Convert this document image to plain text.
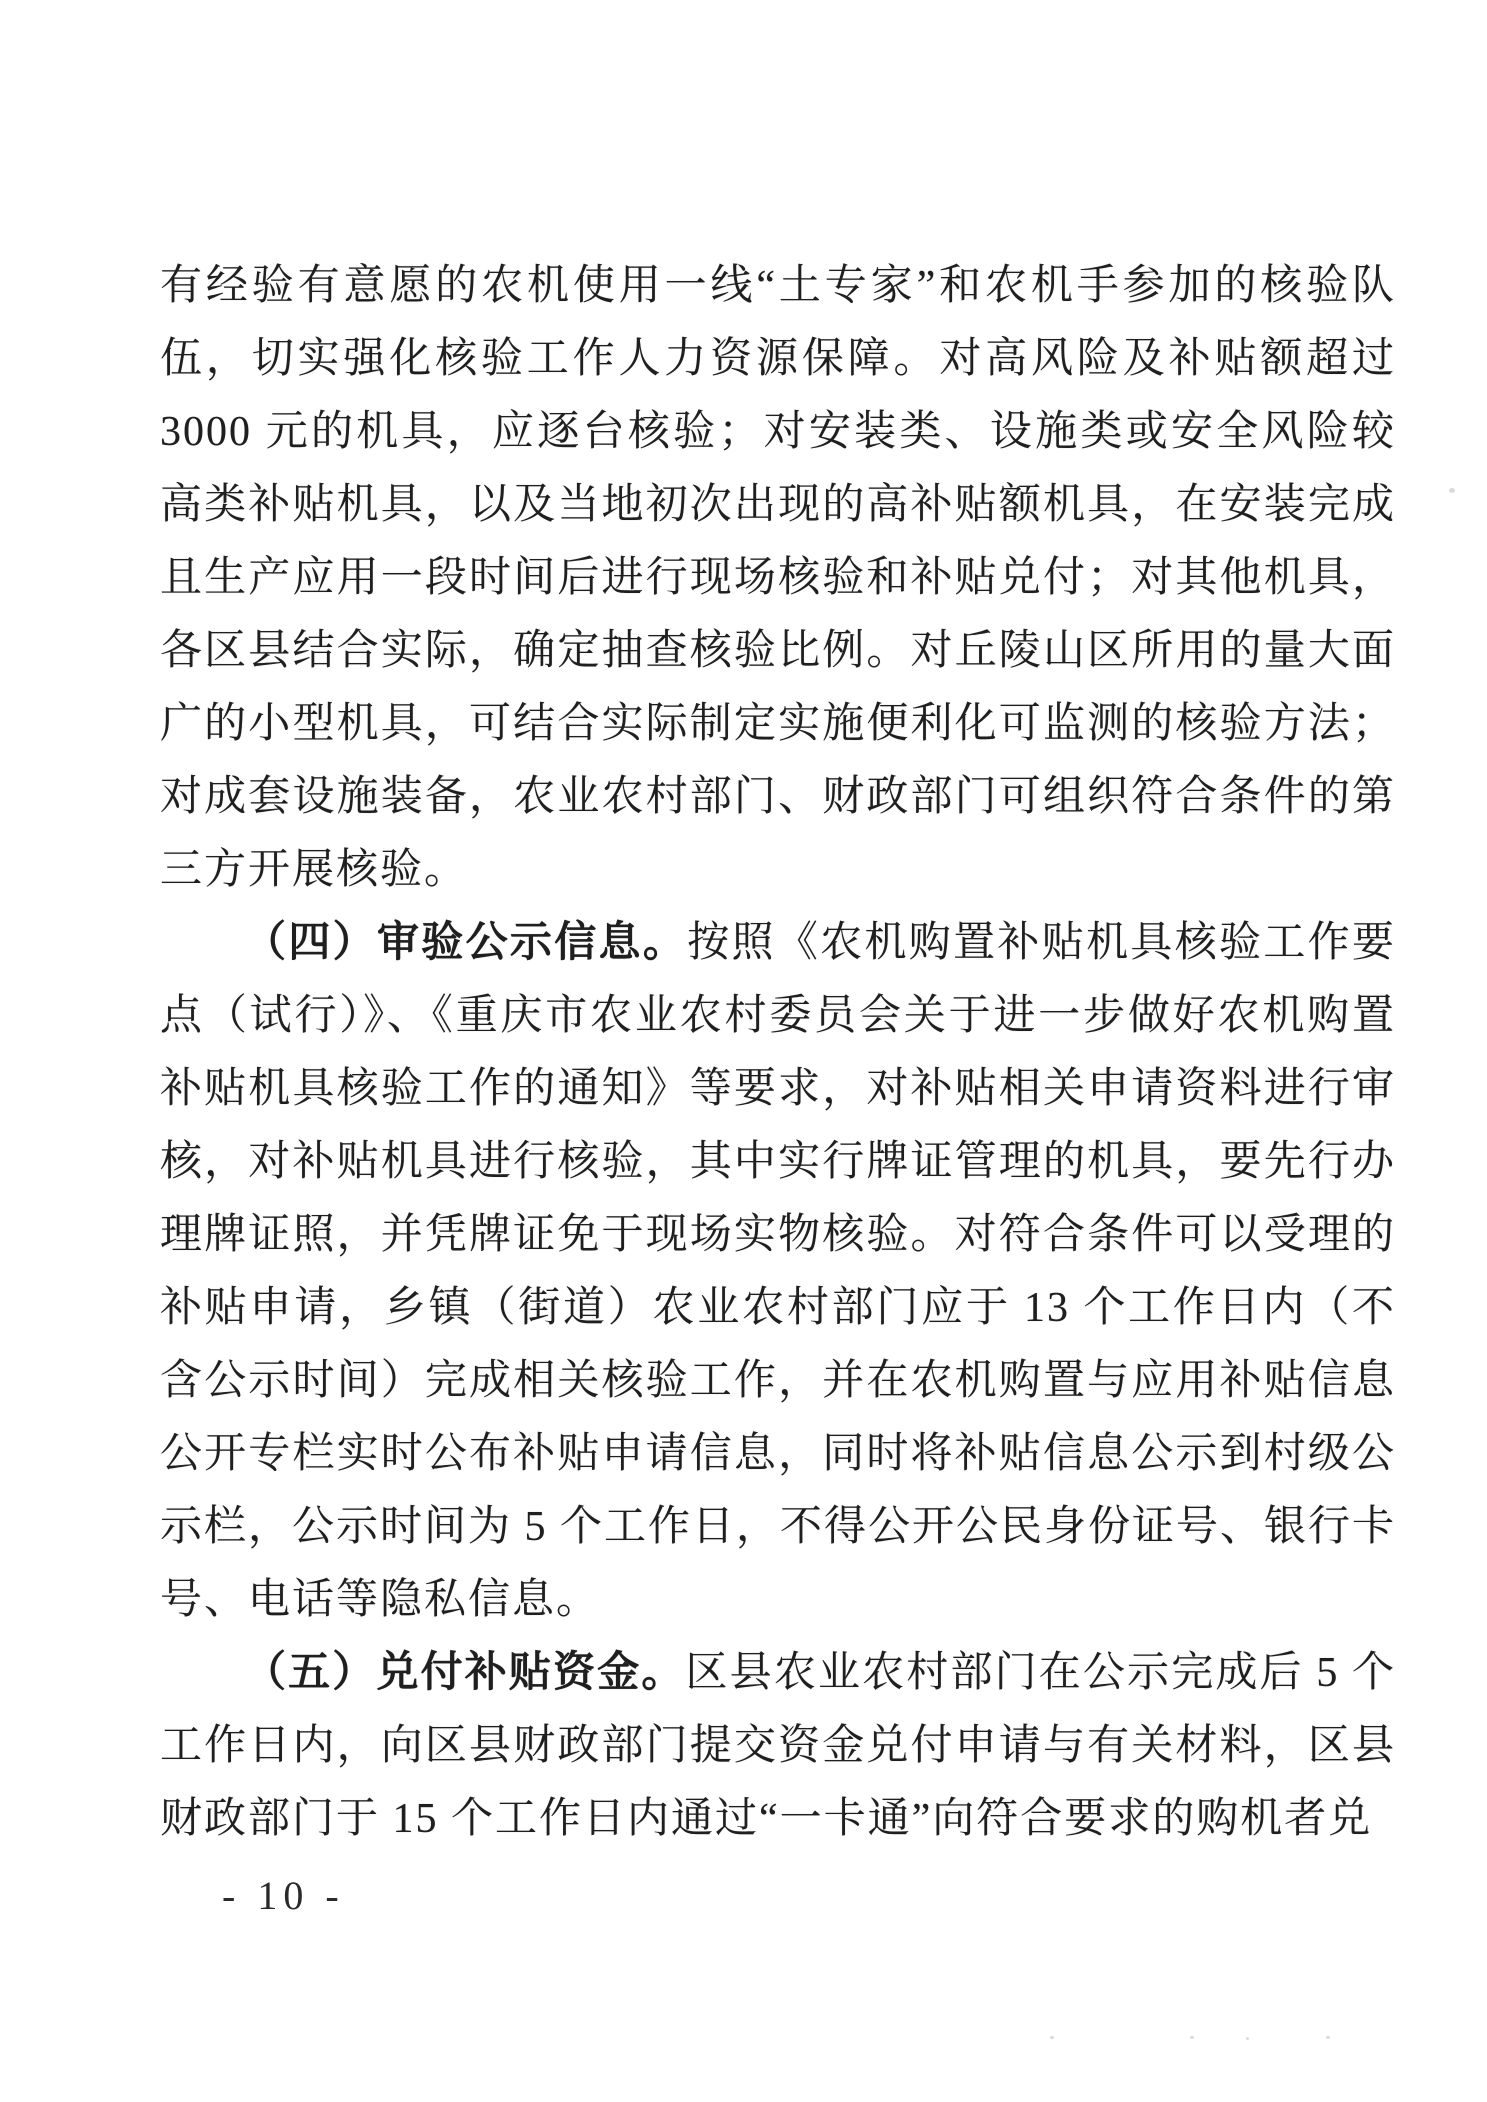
有经验有意愿的农机使用一线“土专家”和农机手参加的核验队伍，切实强化核验工作人力资源保障。对高风险及补贴额超过 3000 元的机具，应逐台核验；对安装类、设施类或安全风险较高类补贴机具，以及当地初次出现的高补贴额机具，在安装完成且生产应用一段时间后进行现场核验和补贴兑付；对其他机具，各区县结合实际，确定抽查核验比例。对丘陵山区所用的量大面广的小型机具，可结合实际制定实施便利化可监测的核验方法；对成套设施装备，农业农村部门、财政部门可组织符合条件的第三方开展核验。

（四）审验公示信息。按照《农机购置补贴机具核验工作要点（试行）》、《重庆市农业农村委员会关于进一步做好农机购置补贴机具核验工作的通知》等要求，对补贴相关申请资料进行审核，对补贴机具进行核验，其中实行牌证管理的机具，要先行办理牌证照，并凭牌证免于现场实物核验。对符合条件可以受理的补贴申请，乡镇（街道）农业农村部门应于 13 个工作日内（不含公示时间）完成相关核验工作，并在农机购置与应用补贴信息公开专栏实时公布补贴申请信息，同时将补贴信息公示到村级公示栏，公示时间为 5 个工作日，不得公开公民身份证号、银行卡号、电话等隐私信息。

（五）兑付补贴资金。区县农业农村部门在公示完成后 5 个工作日内，向区县财政部门提交资金兑付申请与有关材料，区县财政部门于 15 个工作日内通过“一卡通”向符合要求的购机者兑

- 10 -
